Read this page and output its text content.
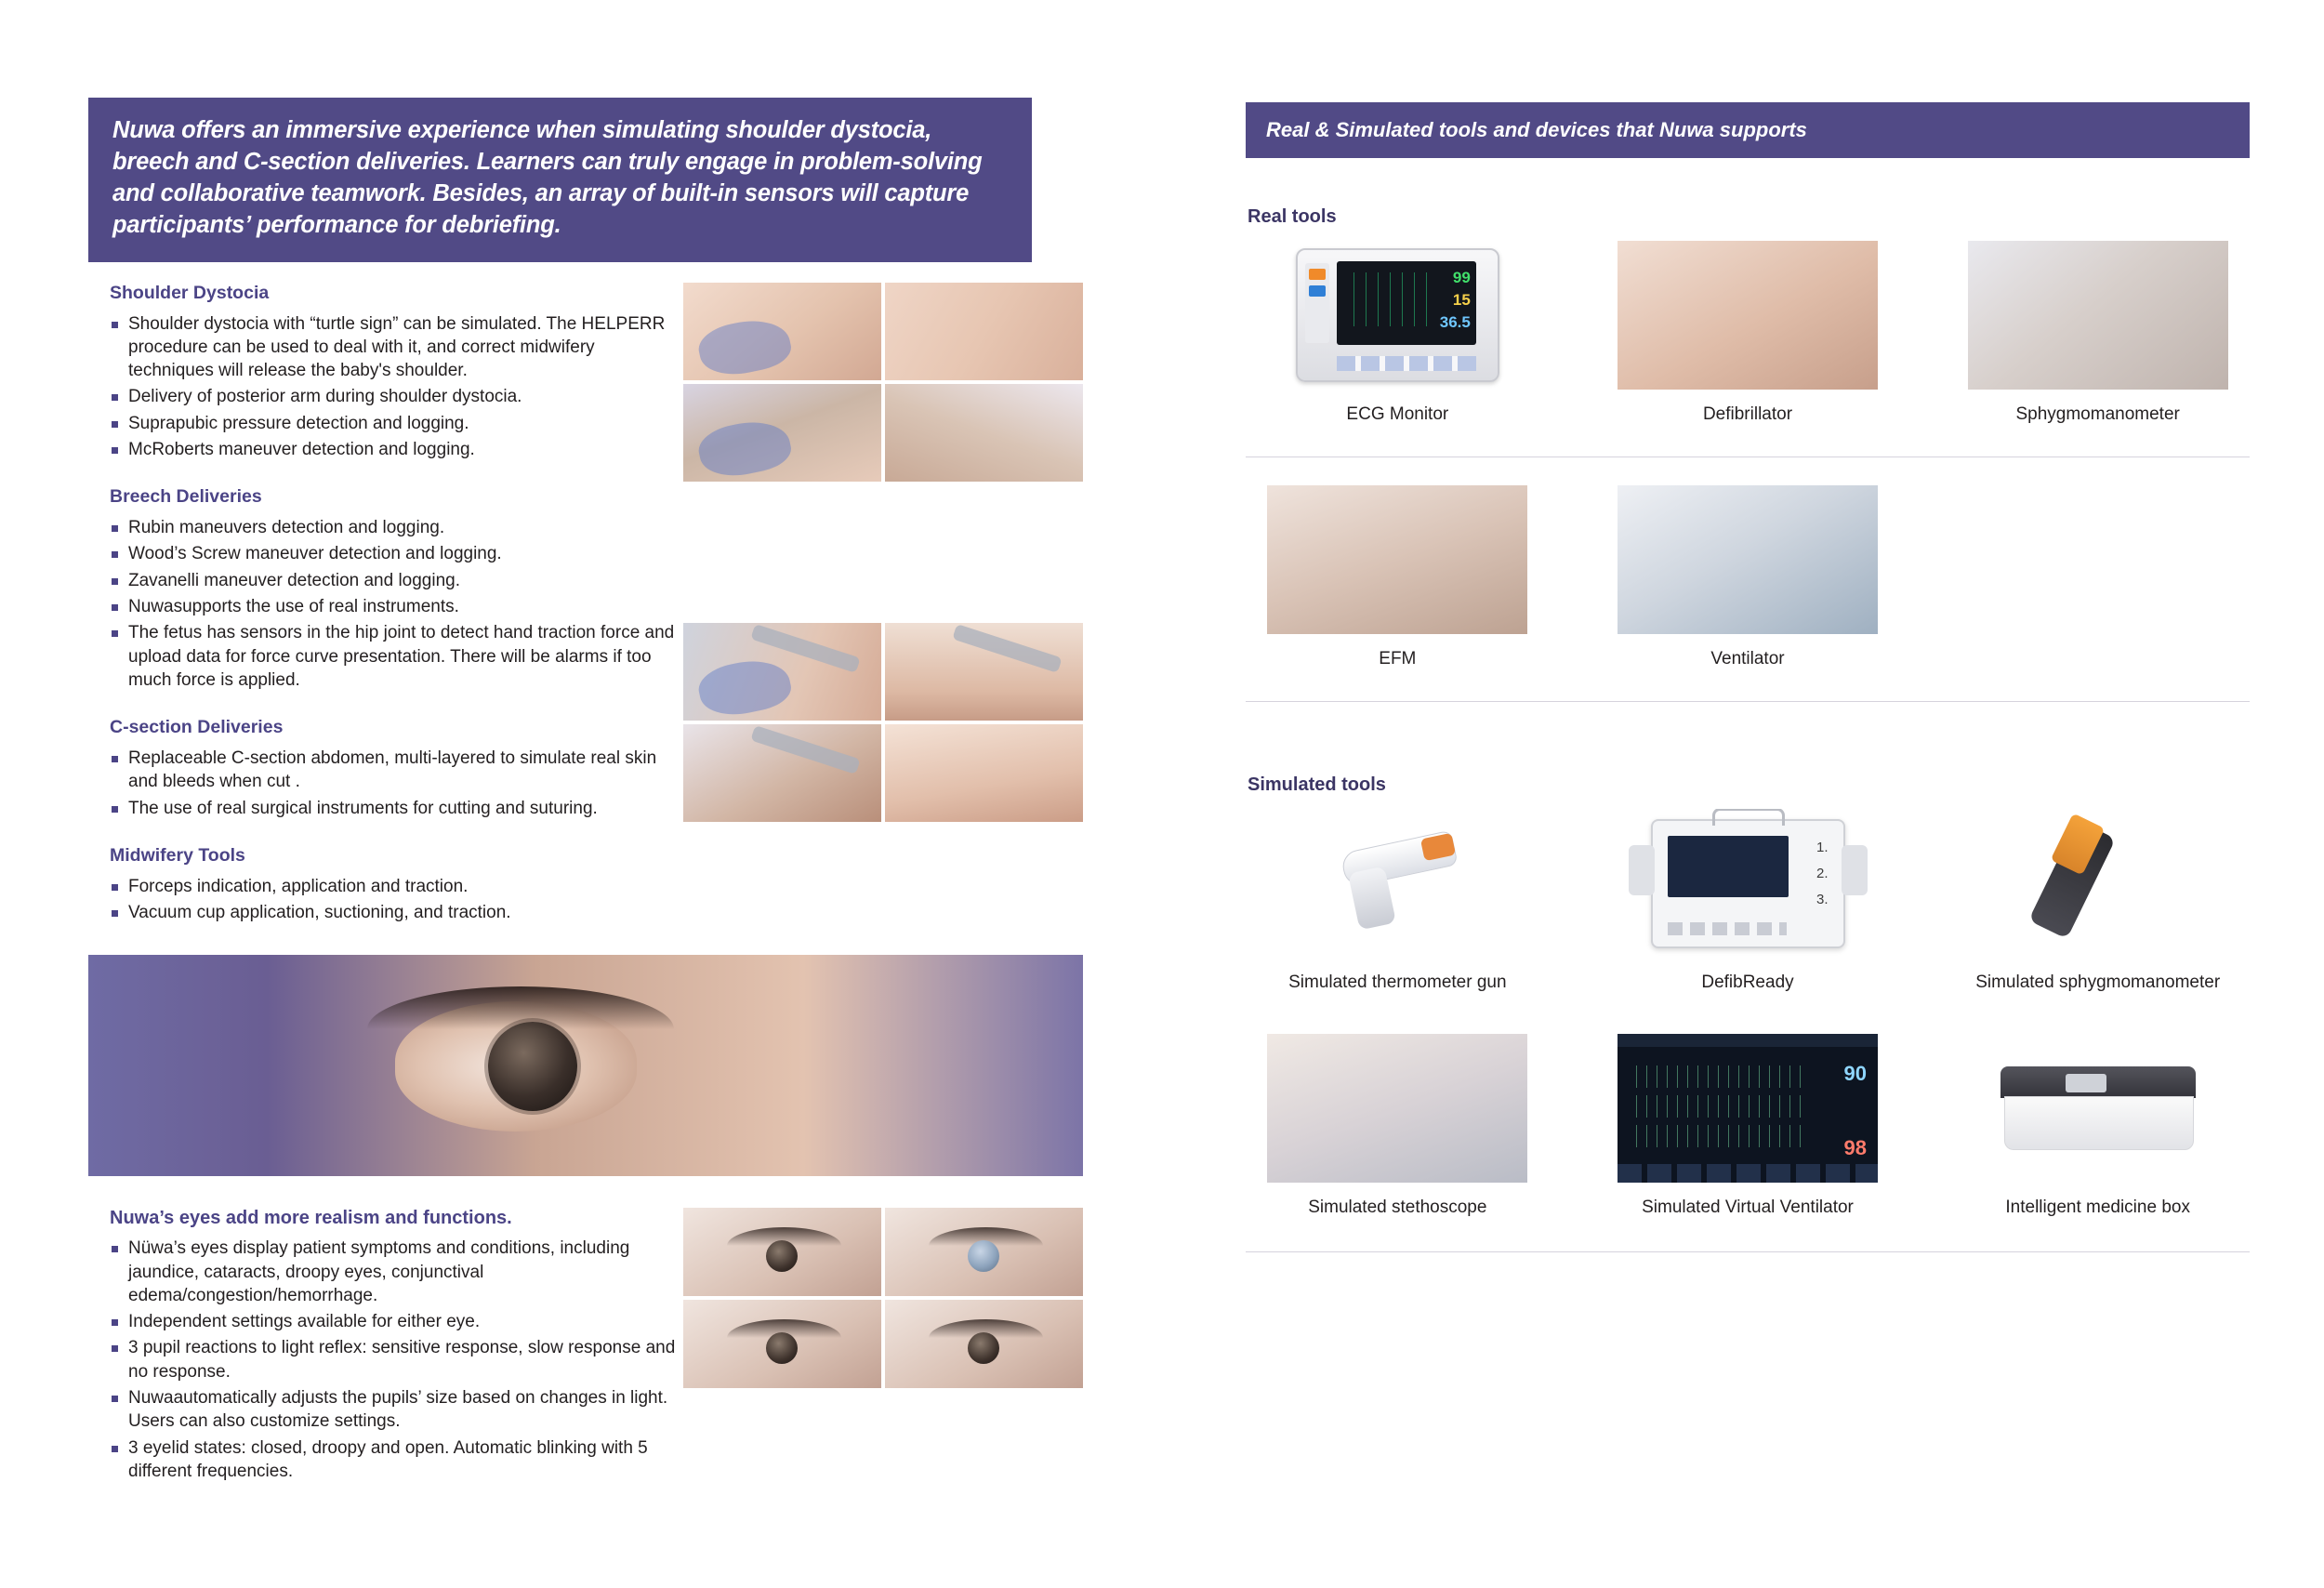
Nuwa offers an immersive experience when simulating shoulder dystocia, breech and C-section deliveries. Learners can truly engage in problem-solving and collaborative teamwork. Besides, an array of built-in sensors will capture participants’ performance for debriefing.
Shoulder Dystocia
Shoulder dystocia with “turtle sign” can be simulated. The HELPERR procedure can be used to deal with it, and correct midwifery techniques will release the baby's shoulder.
Delivery of posterior arm during shoulder dystocia.
Suprapubic pressure detection and logging.
McRoberts maneuver detection and logging.
Breech Deliveries
Rubin maneuvers detection and logging.
Wood’s Screw maneuver detection and logging.
Zavanelli maneuver detection and logging.
Nuwasupports the use of real instruments.
The fetus has sensors in the hip joint to detect hand traction force and upload data for force curve presentation. There will be alarms if too much force is applied.
C-section Deliveries
Replaceable C-section abdomen, multi-layered to simulate real skin and bleeds when cut .
The use of real surgical instruments for cutting and suturing.
Midwifery Tools
Forceps indication, application and traction.
Vacuum cup application, suctioning, and traction.
Nuwa’s eyes add more realism and functions.
Nüwa’s eyes display patient symptoms and conditions, including jaundice, cataracts, droopy eyes, conjunctival edema/congestion/hemorrhage.
Independent settings available for either eye.
3 pupil reactions to light reflex: sensitive response, slow response and no response.
Nuwaautomatically adjusts the pupils’ size based on changes in light. Users can also customize settings.
3 eyelid states: closed, droopy and open. Automatic blinking with 5 different frequencies.
Real & Simulated tools and devices that Nuwa supports
Real tools
99
15
36.5
ECG Monitor	Defibrillator	Sphygmomanometer
EFM	Ventilator
Simulated tools
Simulated thermometer gun
1.
2.
3.
DefibReady	Simulated sphygmomanometer
Simulated stethoscope
90
98
Simulated Virtual Ventilator	Intelligent medicine box
